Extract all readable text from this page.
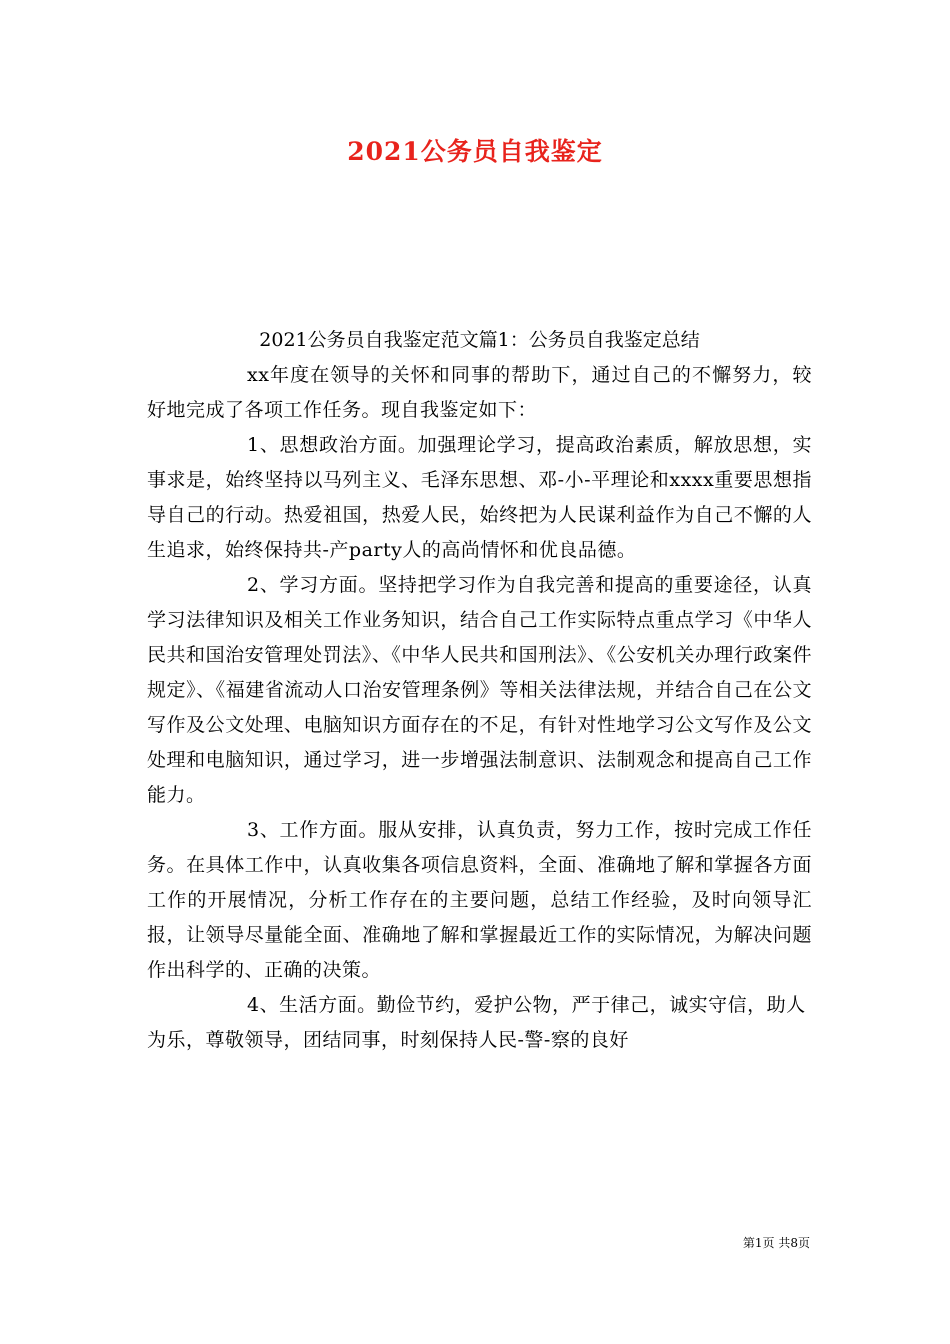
2021公务员自我鉴定
2021公务员自我鉴定范文篇1：公务员自我鉴定总结

xx年度在领导的关怀和同事的帮助下，通过自己的不懈努力，较好地完成了各项工作任务。现自我鉴定如下：

1、思想政治方面。加强理论学习，提高政治素质，解放思想，实事求是，始终坚持以马列主义、毛泽东思想、邓-小-平理论和xxxx重要思想指导自己的行动。热爱祖国，热爱人民，始终把为人民谋利益作为自己不懈的人生追求，始终保持共-产party人的高尚情怀和优良品德。

2、学习方面。坚持把学习作为自我完善和提高的重要途径，认真学习法律知识及相关工作业务知识，结合自己工作实际特点重点学习《中华人民共和国治安管理处罚法》、《中华人民共和国刑法》、《公安机关办理行政案件规定》、《福建省流动人口治安管理条例》等相关法律法规，并结合自己在公文写作及公文处理、电脑知识方面存在的不足，有针对性地学习公文写作及公文处理和电脑知识，通过学习，进一步增强法制意识、法制观念和提高自己工作能力。

3、工作方面。服从安排，认真负责，努力工作，按时完成工作任务。在具体工作中，认真收集各项信息资料，全面、准确地了解和掌握各方面工作的开展情况，分析工作存在的主要问题，总结工作经验，及时向领导汇报，让领导尽量能全面、准确地了解和掌握最近工作的实际情况，为解决问题作出科学的、正确的决策。

4、生活方面。勤俭节约，爱护公物，严于律己，诚实守信，助人为乐，尊敬领导，团结同事，时刻保持人民-警-察的良好

第1页 共8页
